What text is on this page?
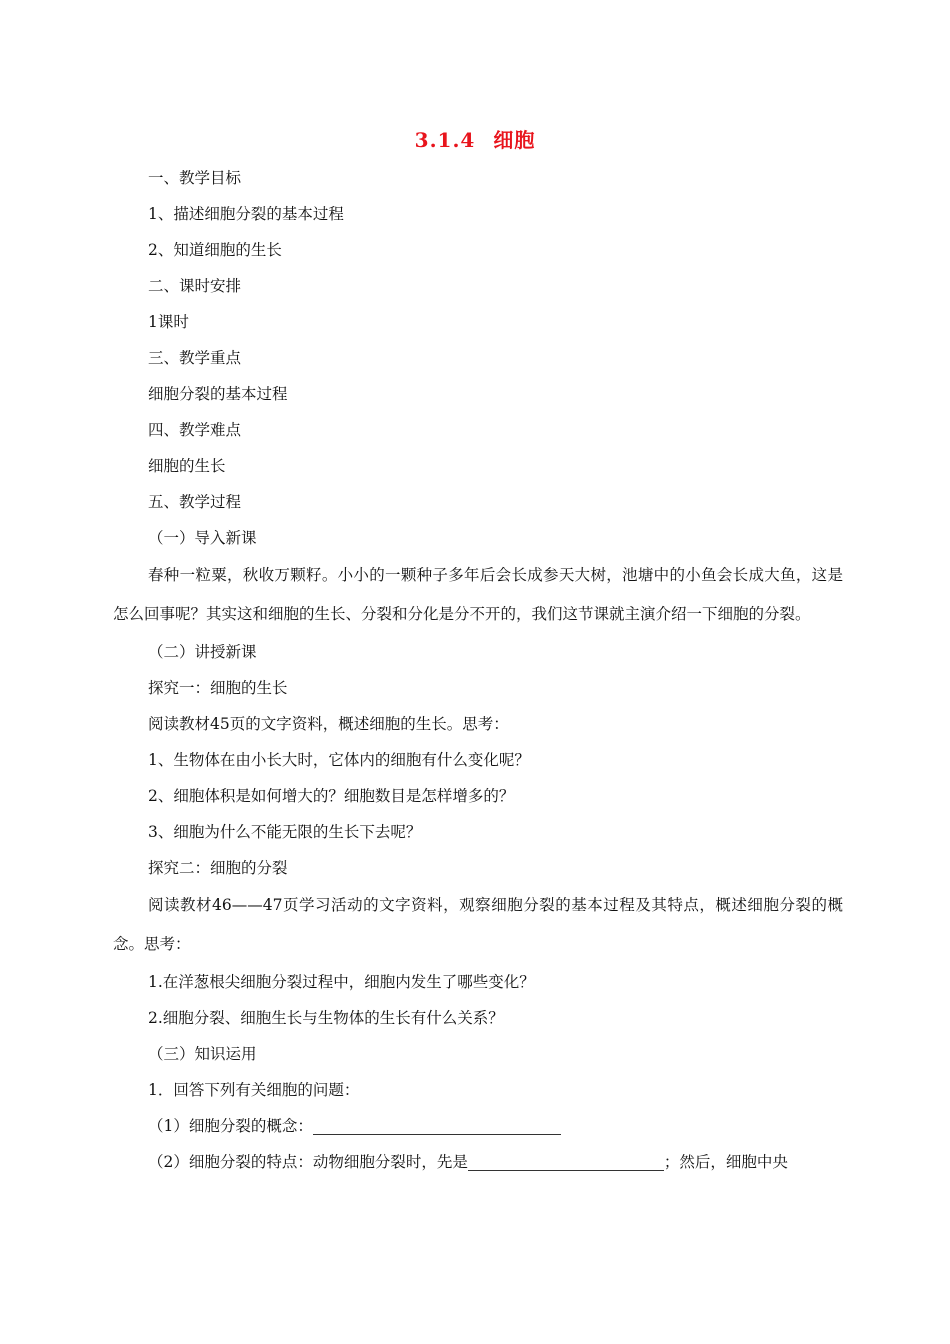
3.1.4 细胞

一、教学目标

1、描述细胞分裂的基本过程

2、知道细胞的生长

二、课时安排

1课时

三、教学重点

细胞分裂的基本过程

四、教学难点

细胞的生长

五、教学过程

（一）导入新课

春种一粒粟，秋收万颗籽。小小的一颗种子多年后会长成参天大树，池塘中的小鱼会长成大鱼，这是怎么回事呢？其实这和细胞的生长、分裂和分化是分不开的，我们这节课就主演介绍一下细胞的分裂。

（二）讲授新课

探究一：细胞的生长

阅读教材45页的文字资料，概述细胞的生长。思考：

1、生物体在由小长大时，它体内的细胞有什么变化呢？

2、细胞体积是如何增大的？细胞数目是怎样增多的？

3、细胞为什么不能无限的生长下去呢？

探究二：细胞的分裂

阅读教材46——47页学习活动的文字资料，观察细胞分裂的基本过程及其特点，概述细胞分裂的概念。思考：

1.在洋葱根尖细胞分裂过程中，细胞内发生了哪些变化？

2.细胞分裂、细胞生长与生物体的生长有什么关系？

（三）知识运用

1．回答下列有关细胞的问题：

（1）细胞分裂的概念：

（2）细胞分裂的特点：动物细胞分裂时，先是	；然后，细胞中央
